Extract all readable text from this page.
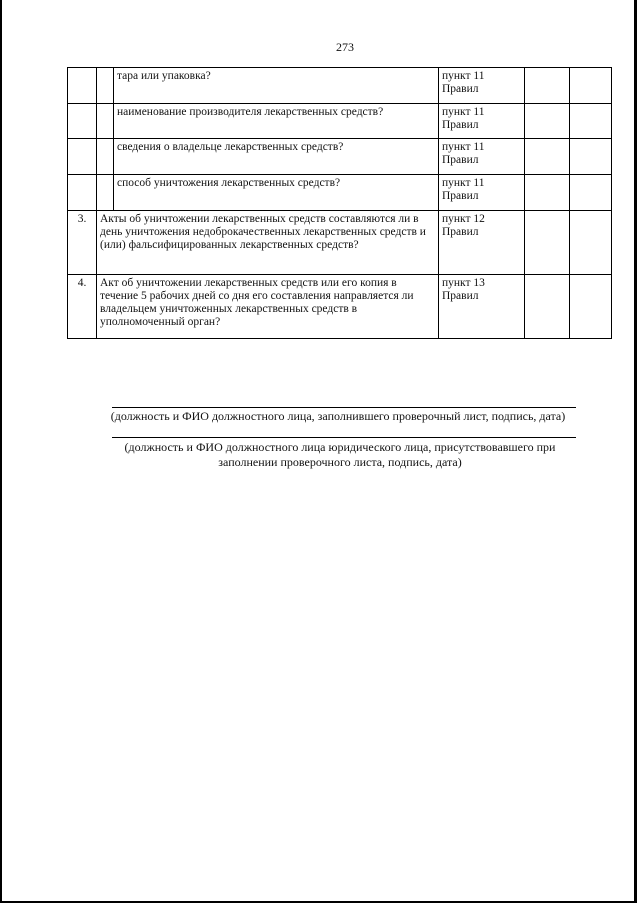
273
		тара или упаковка?	пункт 11
Правил		

		наименование производителя лекарственных средств?	пункт 11
Правил		

		сведения о владельце лекарственных средств?	пункт 11
Правил		

		способ уничтожения лекарственных средств?	пункт 11
Правил		

3.	Акты об уничтожении лекарственных средств составляются ли в день уничтожения недоброкачественных лекарственных средств и (или) фальсифицированных лекарственных средств?		пункт 12
Правил		

4.	Акт об уничтожении лекарственных средств или его копия в течение 5 рабочих дней со дня его составления направляется ли владельцем уничтоженных лекарственных средств в уполномоченный орган?		пункт 13
Правил		

(должность и ФИО должностного лица, заполнившего проверочный лист, подпись, дата)
(должность и ФИО должностного лица юридического лица, присутствовавшего при заполнении проверочного листа, подпись, дата)
